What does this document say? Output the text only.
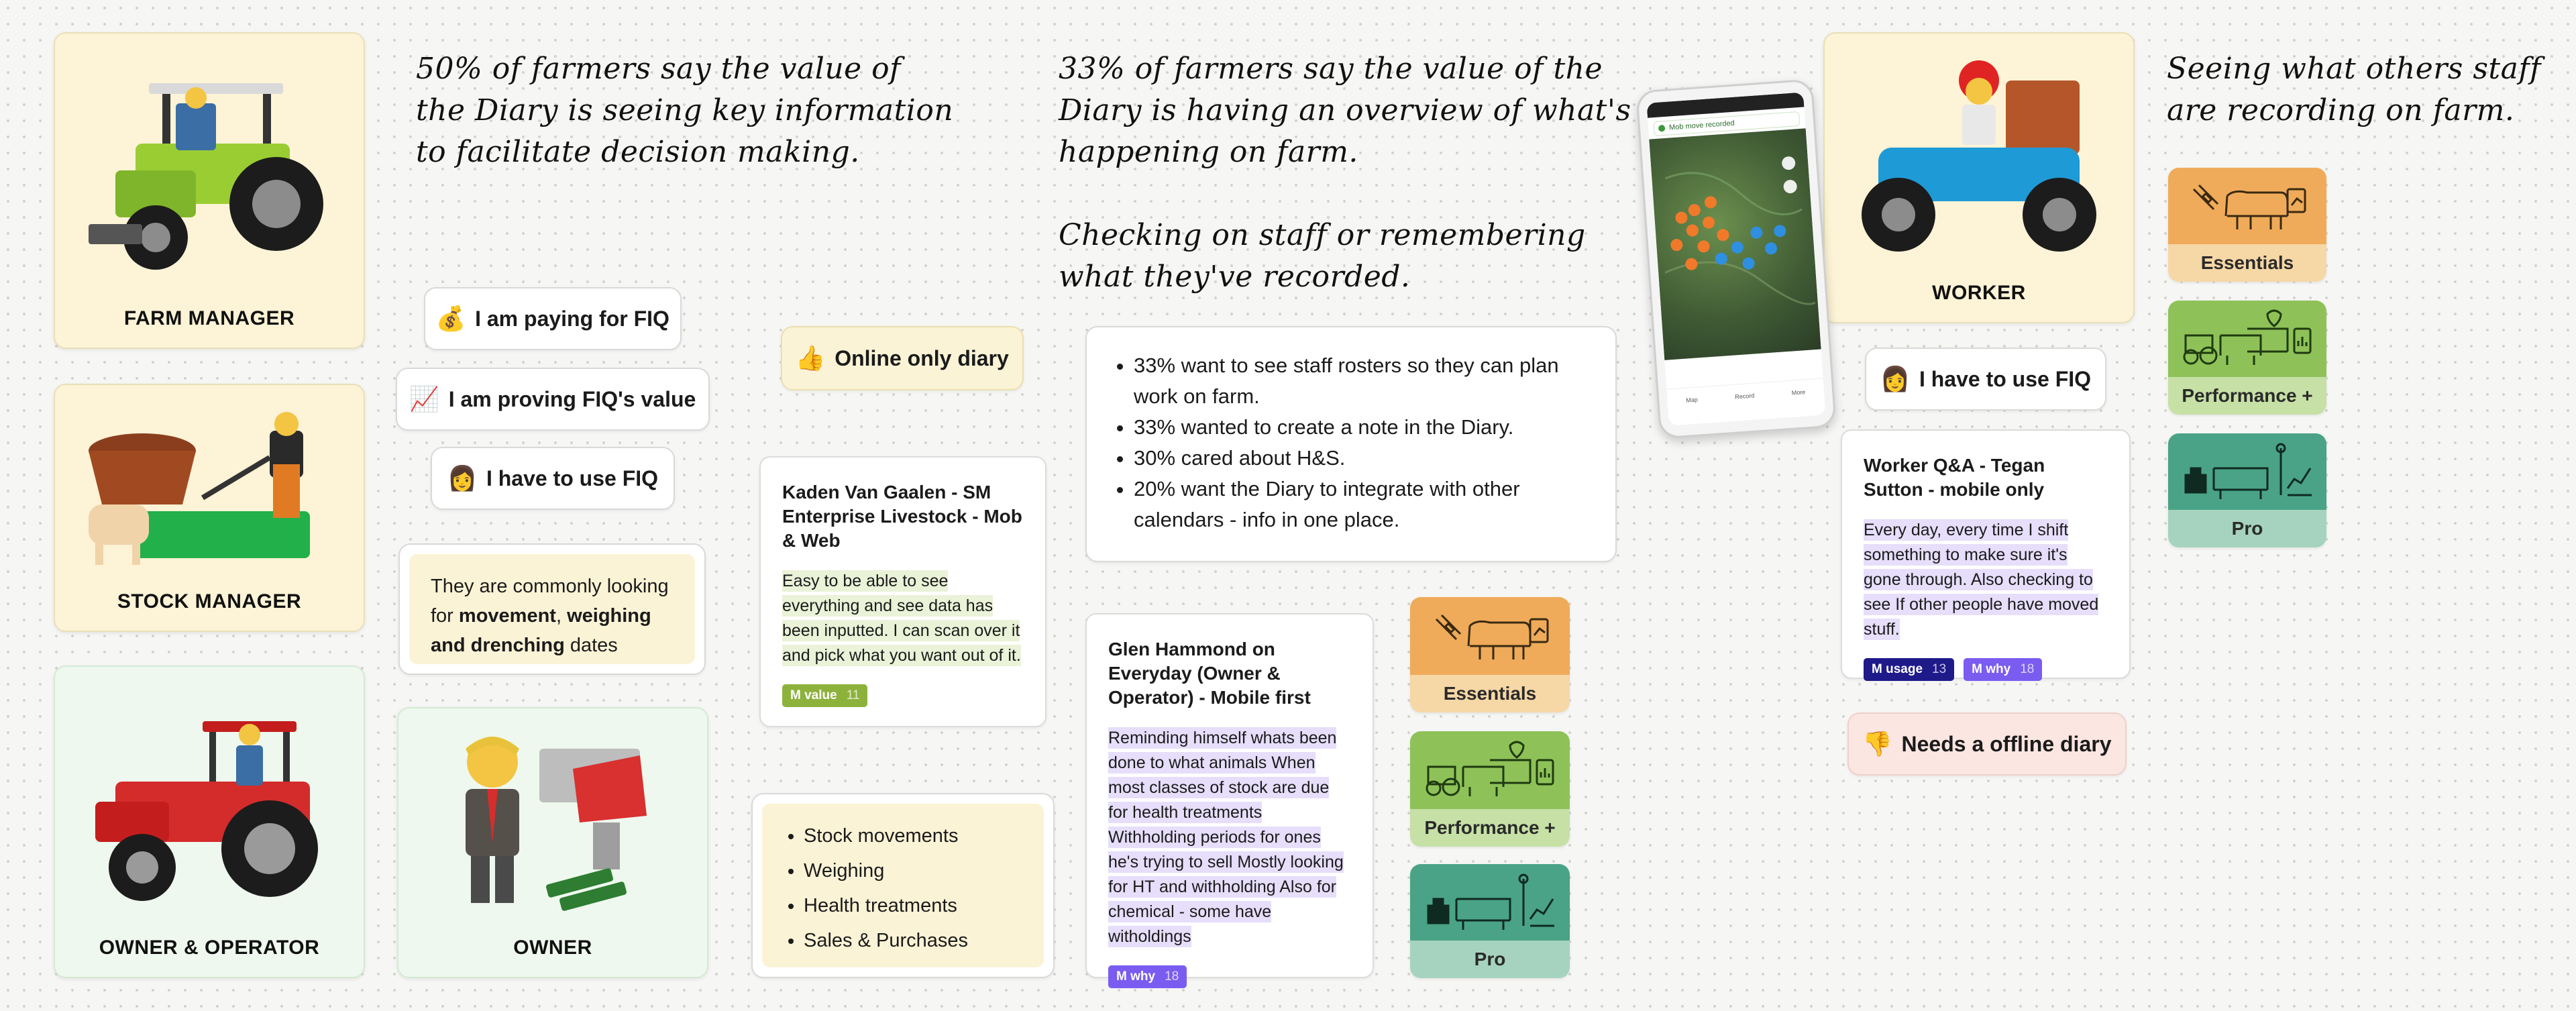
FARM MANAGER
STOCK MANAGER
OWNER & OPERATOR	OWNER
WORKER
50% of farmers say the value of
the Diary is seeing key information
to facilitate decision making.
33% of farmers say the value of the
Diary is having an overview of what's
happening on farm.
Checking on staff or remembering
what they've recorded.
Seeing what others staff
are recording on farm.
💰 I am paying for FIQ
📈 I am proving FIQ's value
👩 I have to use FIQ
👍 Online only diary
👩 I have to use FIQ
👎 Needs a offline diary
They are commonly looking for movement, weighing and drenching dates
• Stock movements
• Weighing
• Health treatments
• Sales & Purchases
• 33% want to see staff rosters so they can plan work on farm.
• 33% wanted to create a note in the Diary.
• 30% cared about H&S.
• 20% want the Diary to integrate with other calendars - info in one place.
Kaden Van Gaalen - SM Enterprise Livestock - Mob & Web
Easy to be able to see everything and see data has been inputted. I can scan over it and pick what you want out of it.
M value 11
Glen Hammond on Everyday (Owner & Operator) - Mobile first
Reminding himself whats been done to what animals When most classes of stock are due for health treatments Withholding periods for ones he's trying to sell Mostly looking for HT and withholding Also for chemical - some have witholdings
M why 18
Worker Q&A - Tegan Sutton - mobile only
Every day, every time I shift something to make sure it's gone through. Also checking to see If other people have moved stuff.
M usage 13 M why 18
Mob move recorded
Map	Record	More
Essentials
Performance +
Pro
Essentials
Performance +
Pro
